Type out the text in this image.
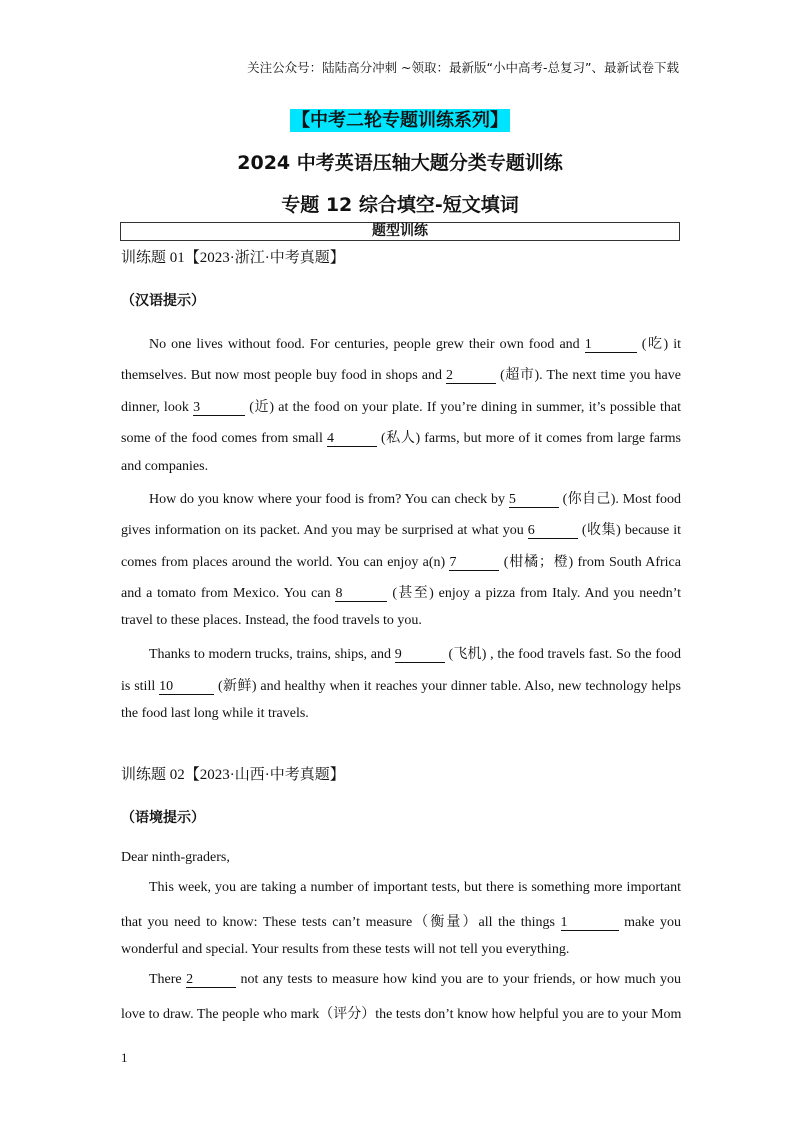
关注公众号：陆陆高分冲刺 ~领取：最新版“小中高考-总复习”、最新试卷下载
【中考二轮专题训练系列】
2024 中考英语压轴大题分类专题训练
专题 12 综合填空-短文填词
题型训练
训练题 01【2023·浙江·中考真题】
（汉语提示）
No one lives without food. For centuries, people grew their own food and 1	(吃) it
themselves. But now most people buy food in shops and 2	(超市). The next time you have
dinner, look 3	(近) at the food on your plate. If you’re dining in summer, it’s possible that
some of the food comes from small 4	(私人) farms, but more of it comes from large farms
and companies.
How do you know where your food is from? You can check by 5	(你自己). Most food
gives information on its packet. And you may be surprised at what you 6	(收集) because it
comes from places around the world. You can enjoy a(n) 7	(柑橘；橙) from South Africa
and a tomato from Mexico. You can 8	(甚至) enjoy a pizza from Italy. And you needn’t
travel to these places. Instead, the food travels to you.
Thanks to modern trucks, trains, ships, and 9	(飞机) , the food travels fast. So the food
is still 10	(新鲜) and healthy when it reaches your dinner table. Also, new technology helps
the food last long while it travels.
训练题 02【2023·山西·中考真题】
（语境提示）
Dear ninth-graders,
This week, you are taking a number of important tests, but there is something more important
that you need to know: These tests can’t measure（衡量）all the things 1	make you
wonderful and special. Your results from these tests will not tell you everything.
There 2	not any tests to measure how kind you are to your friends, or how much you
love to draw. The people who mark（评分）the tests don’t know how helpful you are to your Mom
1
